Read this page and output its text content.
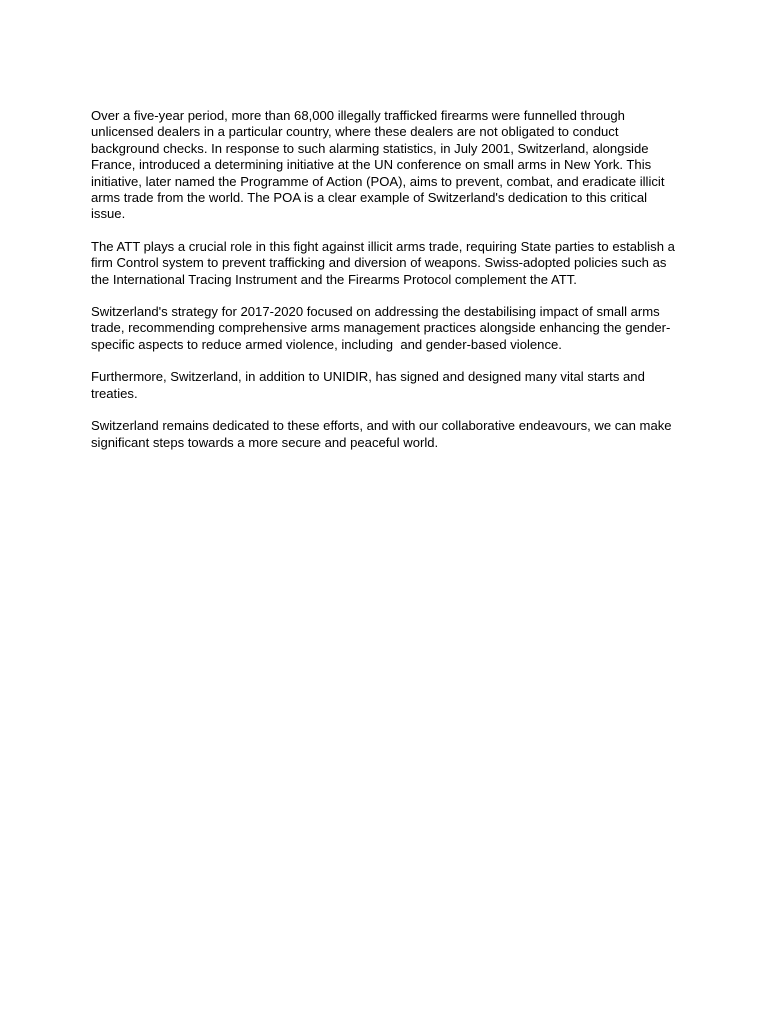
Over a five-year period, more than 68,000 illegally trafficked firearms were funnelled through unlicensed dealers in a particular country, where these dealers are not obligated to conduct background checks. In response to such alarming statistics, in July 2001, Switzerland, alongside France, introduced a determining initiative at the UN conference on small arms in New York. This initiative, later named the Programme of Action (POA), aims to prevent, combat, and eradicate illicit arms trade from the world. The POA is a clear example of Switzerland's dedication to this critical issue.

The ATT plays a crucial role in this fight against illicit arms trade, requiring State parties to establish a firm Control system to prevent trafficking and diversion of weapons. Swiss-adopted policies such as the International Tracing Instrument and the Firearms Protocol complement the ATT.

Switzerland's strategy for 2017-2020 focused on addressing the destabilising impact of small arms trade, recommending comprehensive arms management practices alongside enhancing the gender-specific aspects to reduce armed violence, including  and gender-based violence.

Furthermore, Switzerland, in addition to UNIDIR, has signed and designed many vital starts and treaties.

Switzerland remains dedicated to these efforts, and with our collaborative endeavours, we can make significant steps towards a more secure and peaceful world.
